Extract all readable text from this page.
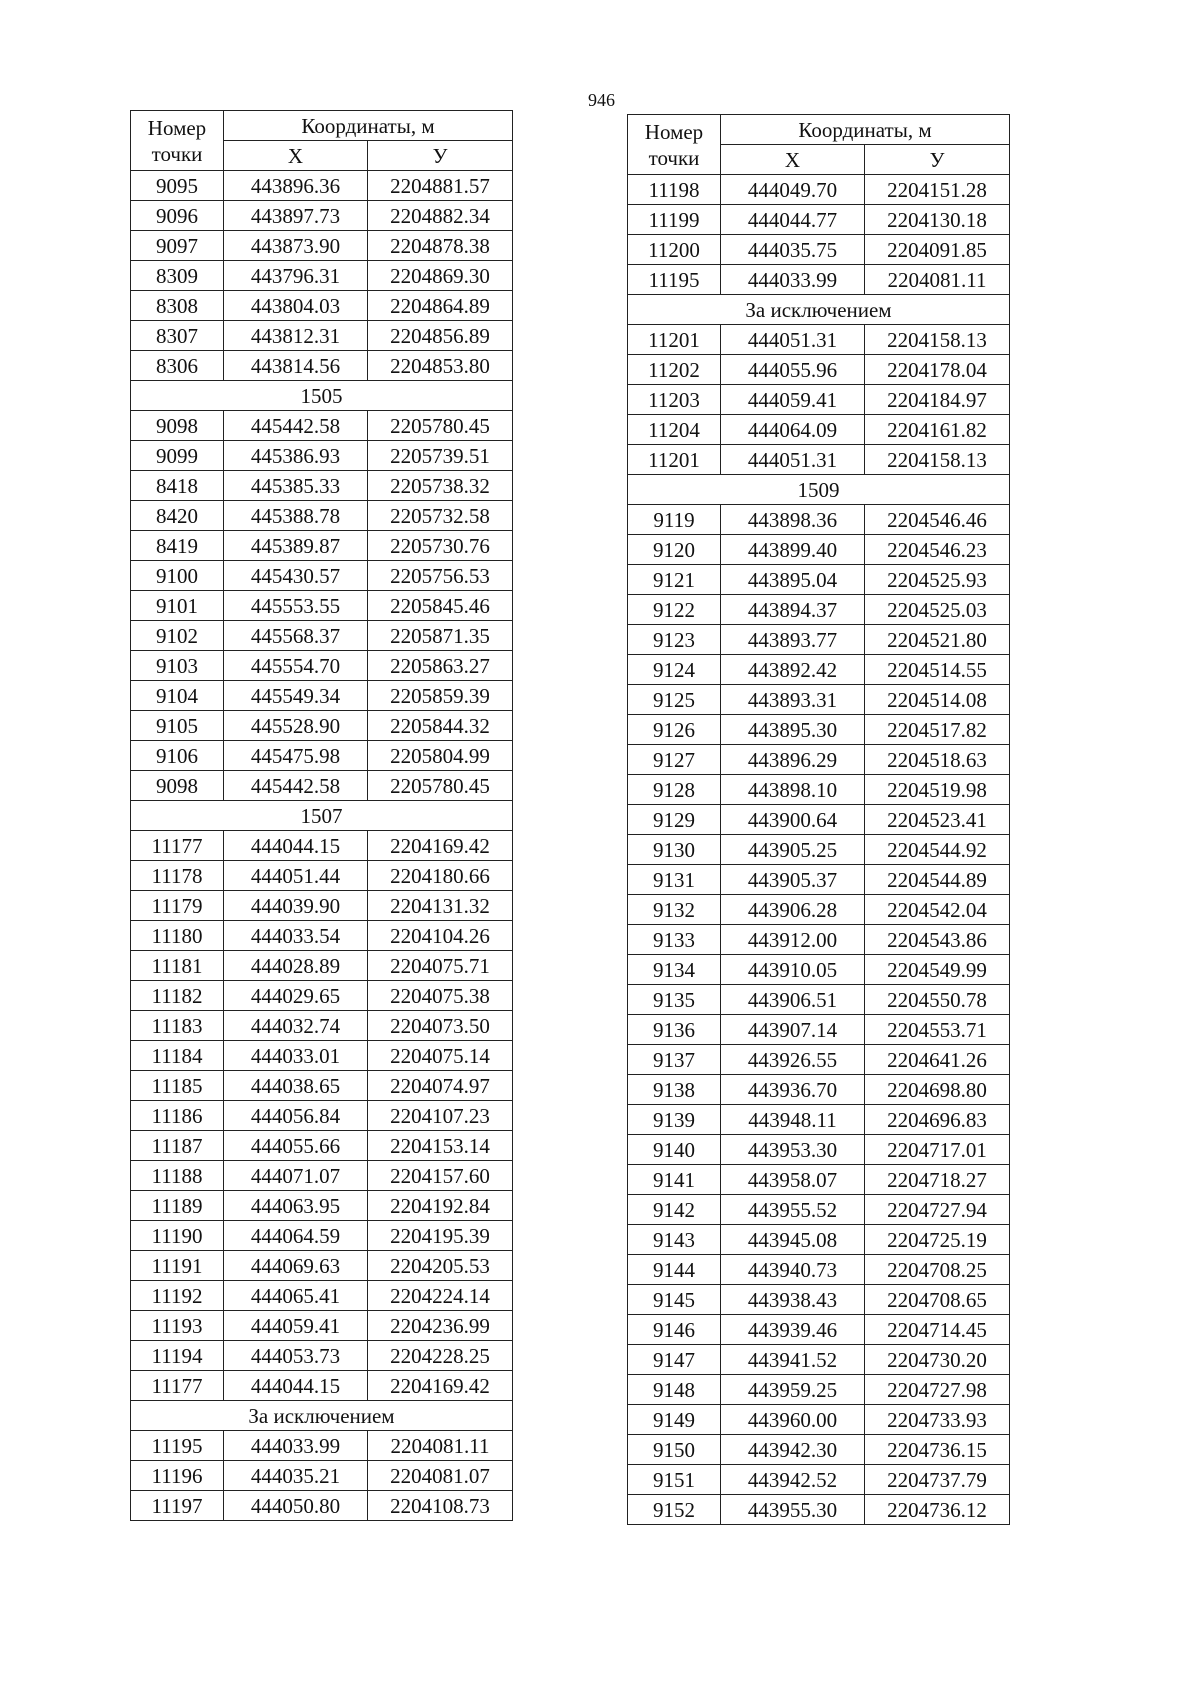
946
Номер
точки	Координаты, м	
	X	У
9095	443896.36	2204881.57
9096	443897.73	2204882.34
9097	443873.90	2204878.38
8309	443796.31	2204869.30
8308	443804.03	2204864.89
8307	443812.31	2204856.89
8306	443814.56	2204853.80
1505		
9098	445442.58	2205780.45
9099	445386.93	2205739.51
8418	445385.33	2205738.32
8420	445388.78	2205732.58
8419	445389.87	2205730.76
9100	445430.57	2205756.53
9101	445553.55	2205845.46
9102	445568.37	2205871.35
9103	445554.70	2205863.27
9104	445549.34	2205859.39
9105	445528.90	2205844.32
9106	445475.98	2205804.99
9098	445442.58	2205780.45
1507		
11177	444044.15	2204169.42
11178	444051.44	2204180.66
11179	444039.90	2204131.32
11180	444033.54	2204104.26
11181	444028.89	2204075.71
11182	444029.65	2204075.38
11183	444032.74	2204073.50
11184	444033.01	2204075.14
11185	444038.65	2204074.97
11186	444056.84	2204107.23
11187	444055.66	2204153.14
11188	444071.07	2204157.60
11189	444063.95	2204192.84
11190	444064.59	2204195.39
11191	444069.63	2204205.53
11192	444065.41	2204224.14
11193	444059.41	2204236.99
11194	444053.73	2204228.25
11177	444044.15	2204169.42
За исключением		
11195	444033.99	2204081.11
11196	444035.21	2204081.07
11197	444050.80	2204108.73
Номер
точки	Координаты, м	
	X	У
11198	444049.70	2204151.28
11199	444044.77	2204130.18
11200	444035.75	2204091.85
11195	444033.99	2204081.11
За исключением		
11201	444051.31	2204158.13
11202	444055.96	2204178.04
11203	444059.41	2204184.97
11204	444064.09	2204161.82
11201	444051.31	2204158.13
1509		
9119	443898.36	2204546.46
9120	443899.40	2204546.23
9121	443895.04	2204525.93
9122	443894.37	2204525.03
9123	443893.77	2204521.80
9124	443892.42	2204514.55
9125	443893.31	2204514.08
9126	443895.30	2204517.82
9127	443896.29	2204518.63
9128	443898.10	2204519.98
9129	443900.64	2204523.41
9130	443905.25	2204544.92
9131	443905.37	2204544.89
9132	443906.28	2204542.04
9133	443912.00	2204543.86
9134	443910.05	2204549.99
9135	443906.51	2204550.78
9136	443907.14	2204553.71
9137	443926.55	2204641.26
9138	443936.70	2204698.80
9139	443948.11	2204696.83
9140	443953.30	2204717.01
9141	443958.07	2204718.27
9142	443955.52	2204727.94
9143	443945.08	2204725.19
9144	443940.73	2204708.25
9145	443938.43	2204708.65
9146	443939.46	2204714.45
9147	443941.52	2204730.20
9148	443959.25	2204727.98
9149	443960.00	2204733.93
9150	443942.30	2204736.15
9151	443942.52	2204737.79
9152	443955.30	2204736.12
